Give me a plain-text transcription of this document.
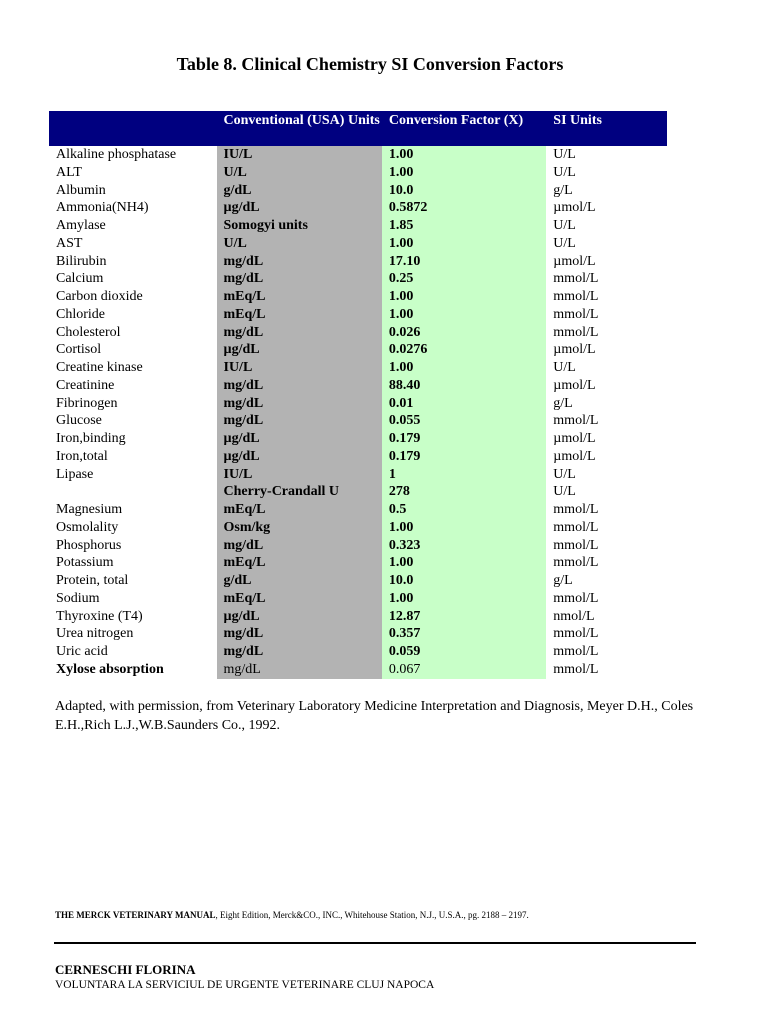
Table 8. Clinical Chemistry SI Conversion Factors
	Conventional (USA) Units	Conversion Factor (X)	SI Units
Alkaline phosphatase	IU/L	1.00	U/L
ALT	U/L	1.00	U/L
Albumin	g/dL	10.0	g/L
Ammonia(NH4)	µg/dL	0.5872	µmol/L
Amylase	Somogyi units	1.85	U/L
AST	U/L	1.00	U/L
Bilirubin	mg/dL	17.10	µmol/L
Calcium	mg/dL	0.25	mmol/L
Carbon dioxide	mEq/L	1.00	mmol/L
Chloride	mEq/L	1.00	mmol/L
Cholesterol	mg/dL	0.026	mmol/L
Cortisol	µg/dL	0.0276	µmol/L
Creatine kinase	IU/L	1.00	U/L
Creatinine	mg/dL	88.40	µmol/L
Fibrinogen	mg/dL	0.01	g/L
Glucose	mg/dL	0.055	mmol/L
Iron,binding	µg/dL	0.179	µmol/L
Iron,total	µg/dL	0.179	µmol/L
Lipase	IU/L	1	U/L
	Cherry-Crandall U	278	U/L
Magnesium	mEq/L	0.5	mmol/L
Osmolality	Osm/kg	1.00	mmol/L
Phosphorus	mg/dL	0.323	mmol/L
Potassium	mEq/L	1.00	mmol/L
Protein, total	g/dL	10.0	g/L
Sodium	mEq/L	1.00	mmol/L
Thyroxine (T4)	µg/dL	12.87	nmol/L
Urea nitrogen	mg/dL	0.357	mmol/L
Uric acid	mg/dL	0.059	mmol/L
Xylose absorption	mg/dL	0.067	mmol/L
Adapted, with permission, from Veterinary Laboratory Medicine Interpretation and Diagnosis, Meyer D.H., Coles E.H.,Rich L.J.,W.B.Saunders Co., 1992.
THE MERCK VETERINARY MANUAL, Eight Edition, Merck&CO., INC., Whitehouse Station, N.J., U.S.A., pg. 2188 – 2197.
CERNESCHI FLORINA
VOLUNTARA LA SERVICIUL DE URGENTE VETERINARE CLUJ NAPOCA
